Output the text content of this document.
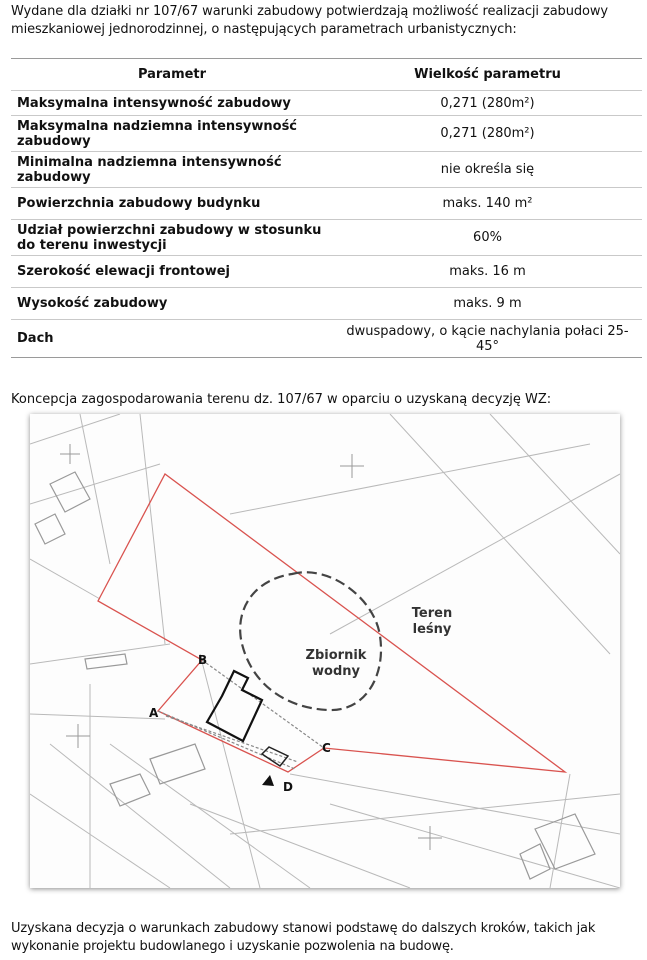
Wydane dla działki nr 107/67 warunki zabudowy potwierdzają możliwość realizacji zabudowy mieszkaniowej jednorodzinnej, o następujących parametrach urbanistycznych:

Parametr	Wielkość parametru
Maksymalna intensywność zabudowy	0,271 (280m²)
Maksymalna nadziemna intensywność zabudowy	0,271 (280m²)
Minimalna nadziemna intensywność zabudowy	nie określa się
Powierzchnia zabudowy budynku	maks. 140 m²
Udział powierzchni zabudowy w stosunku do terenu inwestycji	60%
Szerokość elewacji frontowej	maks. 16 m
Wysokość zabudowy	maks. 9 m
Dach	dwuspadowy, o kącie nachylania połaci 25-45°

Koncepcja zagospodarowania terenu dz. 107/67 w oparciu o uzyskaną decyzję WZ:

Teren
leśny
Zbiornik
wodny
A
B
C
D

Uzyskana decyzja o warunkach zabudowy stanowi podstawę do dalszych kroków, takich jak wykonanie projektu budowlanego i uzyskanie pozwolenia na budowę.
